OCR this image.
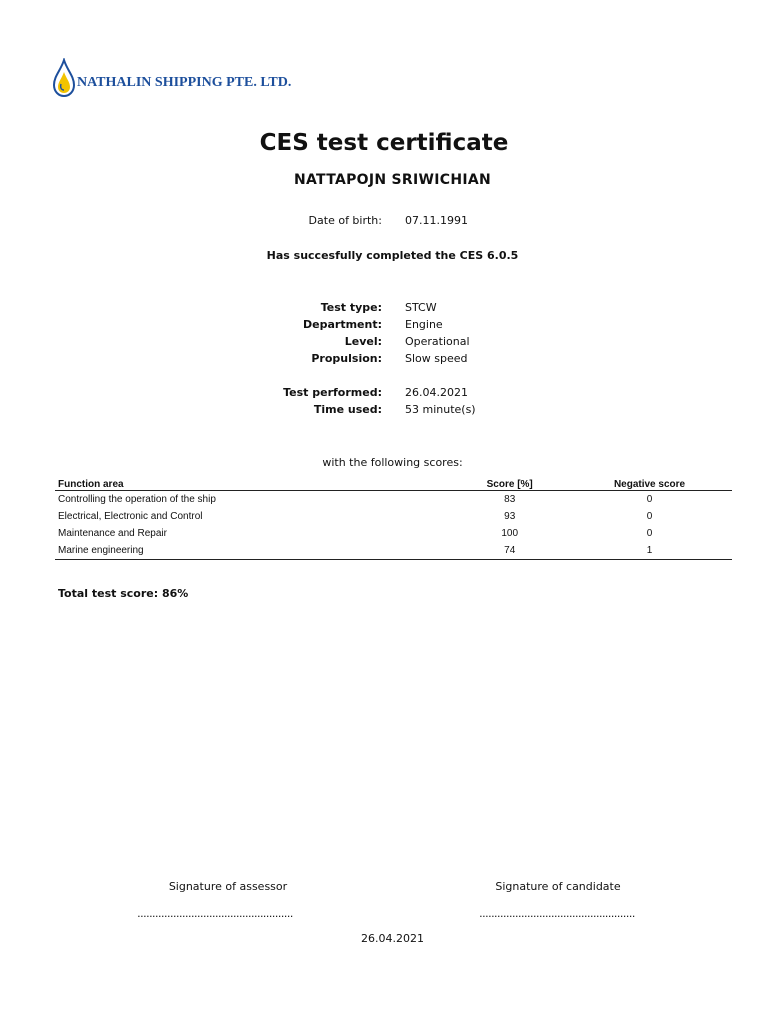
NATHALIN SHIPPING PTE. LTD.
CES test certificate
NATTAPOJN SRIWICHIAN
Date of birth: 07.11.1991
Has succesfully completed the CES 6.0.5
Test type: STCW
Department: Engine
Level: Operational
Propulsion: Slow speed
Test performed: 26.04.2021
Time used: 53 minute(s)
with the following scores:
Function area	Score [%]	Negative score
Controlling the operation of the ship	83	0
Electrical, Electronic and Control	93	0
Maintenance and Repair	100	0
Marine engineering	74	1
Total test score: 86%
Signature of assessor	Signature of candidate
....................................................	....................................................
26.04.2021
